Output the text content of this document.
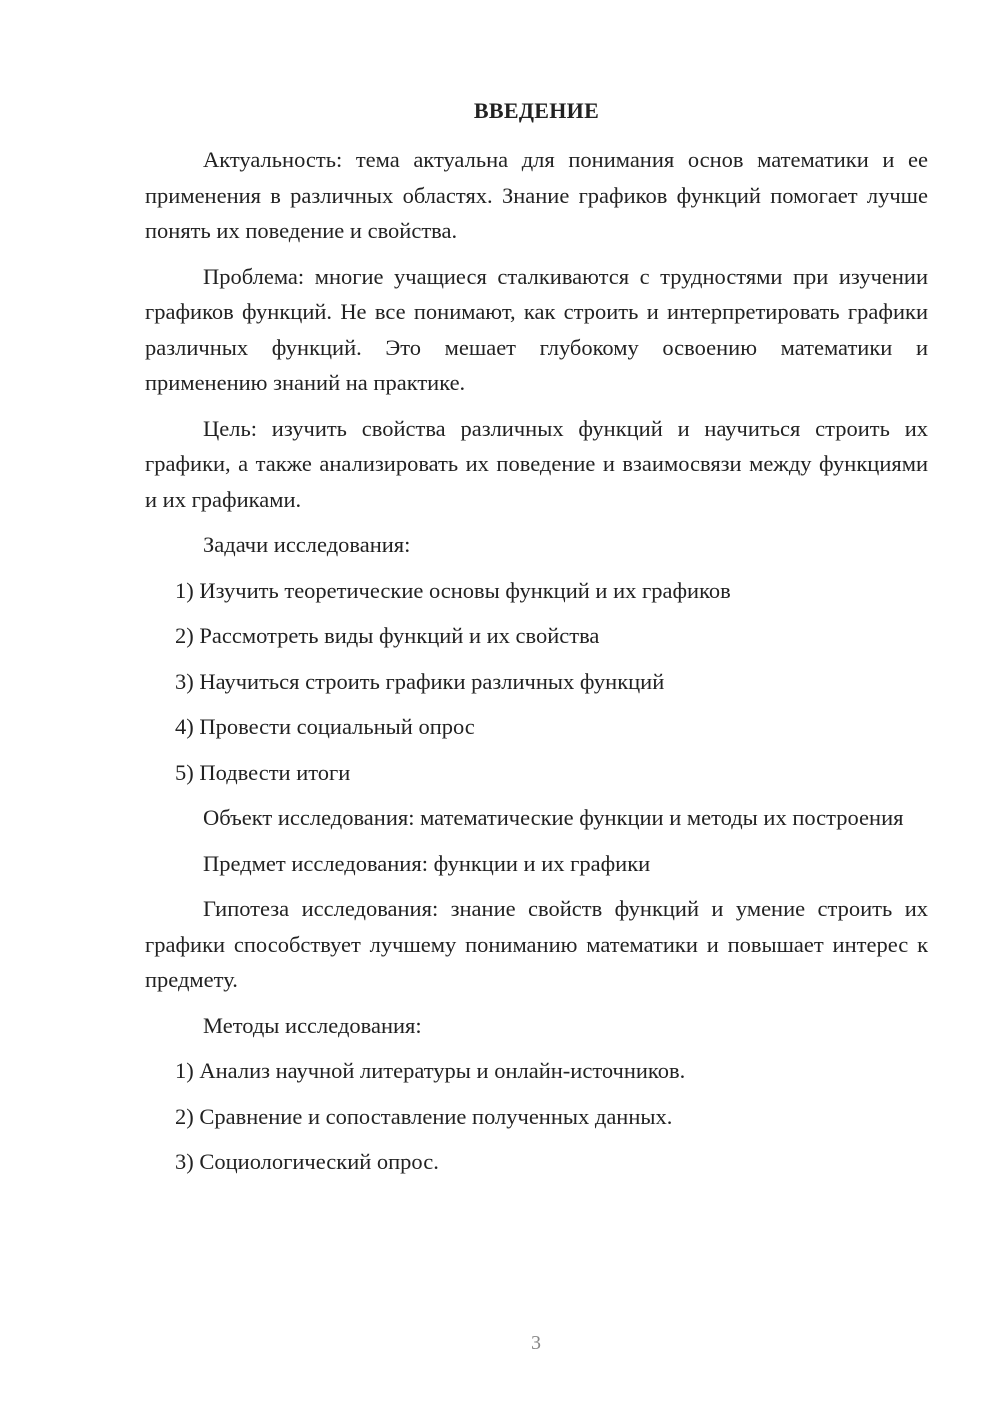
ВВЕДЕНИЕ

Актуальность: тема актуальна для понимания основ математики и ее применения в различных областях. Знание графиков функций помогает лучше понять их поведение и свойства.

Проблема: многие учащиеся сталкиваются с трудностями при изучении графиков функций. Не все понимают, как строить и интерпретировать графики различных функций. Это мешает глубокому освоению математики и применению знаний на практике.

Цель: изучить свойства различных функций и научиться строить их графики, а также анализировать их поведение и взаимосвязи между функциями и их графиками.

Задачи исследования:

1) Изучить теоретические основы функций и их графиков

2) Рассмотреть виды функций и их свойства

3) Научиться строить графики различных функций

4) Провести социальный опрос

5) Подвести итоги

Объект исследования: математические функции и методы их построения

Предмет исследования: функции и их графики

Гипотеза исследования: знание свойств функций и умение строить их графики способствует лучшему пониманию математики и повышает интерес к предмету.

Методы исследования:

1) Анализ научной литературы и онлайн-источников.

2) Сравнение и сопоставление полученных данных.

3) Социологический опрос.

3
